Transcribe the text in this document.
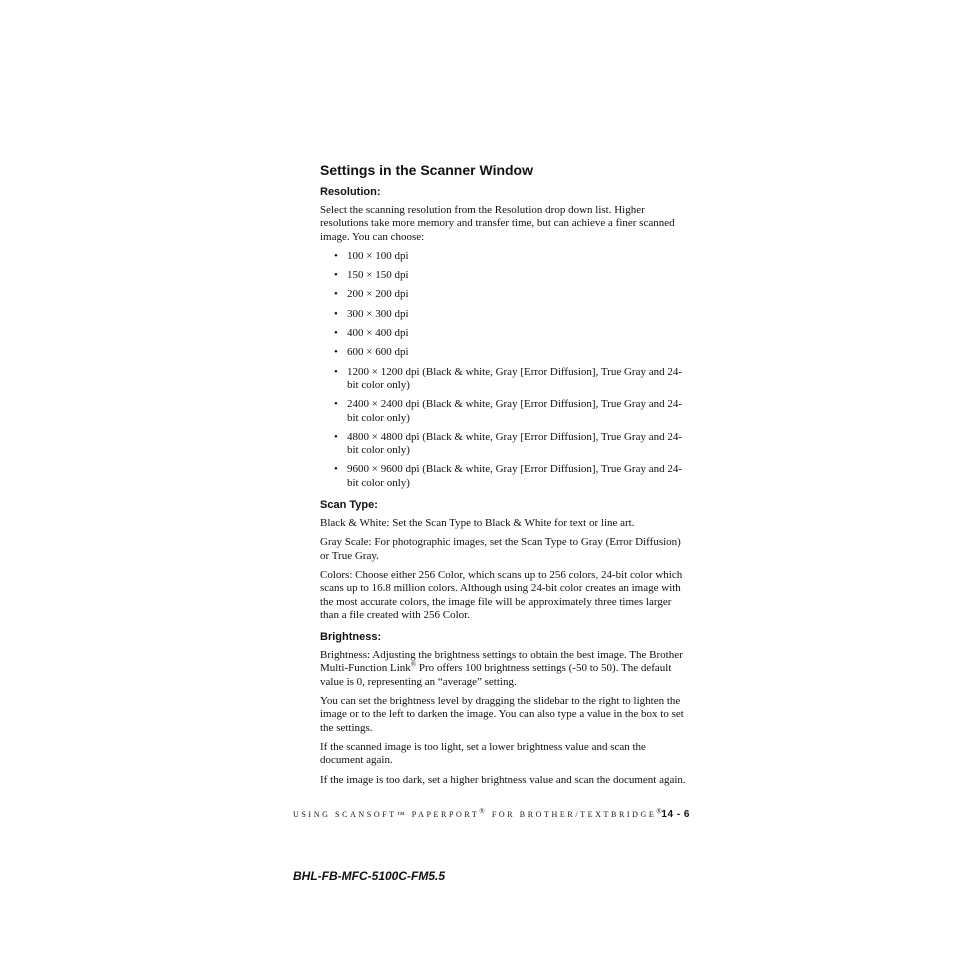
Settings in the Scanner Window
Resolution:

Select the scanning resolution from the Resolution drop down list. Higher resolutions take more memory and transfer time, but can achieve a finer scanned image. You can choose:

• 100 × 100 dpi
• 150 × 150 dpi
• 200 × 200 dpi
• 300 × 300 dpi
• 400 × 400 dpi
• 600 × 600 dpi
• 1200 × 1200 dpi (Black & white, Gray [Error Diffusion], True Gray and 24-bit color only)
• 2400 × 2400 dpi (Black & white, Gray [Error Diffusion], True Gray and 24-bit color only)
• 4800 × 4800 dpi (Black & white, Gray [Error Diffusion], True Gray and 24-bit color only)
• 9600 × 9600 dpi (Black & white, Gray [Error Diffusion], True Gray and 24-bit color only)
Scan Type:

Black & White: Set the Scan Type to Black & White for text or line art.

Gray Scale: For photographic images, set the Scan Type to Gray (Error Diffusion) or True Gray.

Colors: Choose either 256 Color, which scans up to 256 colors, 24-bit color which scans up to 16.8 million colors. Although using 24-bit color creates an image with the most accurate colors, the image file will be approximately three times larger than a file created with 256 Color.

Brightness:

Brightness: Adjusting the brightness settings to obtain the best image. The Brother Multi-Function Link® Pro offers 100 brightness settings (-50 to 50). The default value is 0, representing an “average” setting.

You can set the brightness level by dragging the slidebar to the right to lighten the image or to the left to darken the image. You can also type a value in the box to set the settings.

If the scanned image is too light, set a lower brightness value and scan the document again.

If the image is too dark, set a higher brightness value and scan the document again.

USING SCANSOFT™ PAPERPORT® FOR BROTHER/TEXTBRIDGE®
14 - 6
BHL-FB-MFC-5100C-FM5.5
